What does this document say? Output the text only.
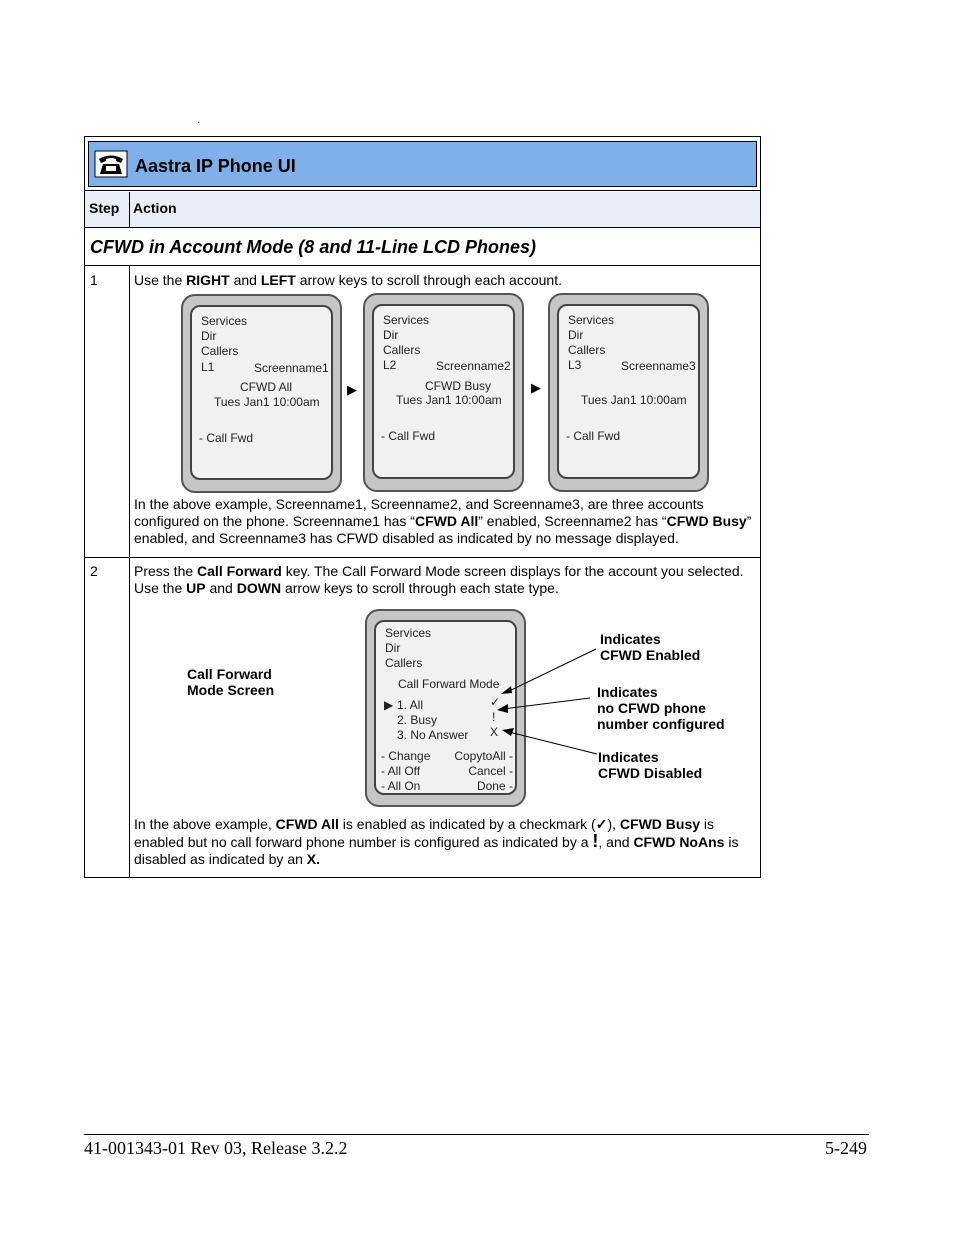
.
Aastra IP Phone UI
Step Action
CFWD in Account Mode (8 and 11-Line LCD Phones)
1	Use the RIGHT and LEFT arrow keys to scroll through each account.
Services
Dir
Callers
L1	Screenname1
CFWD All
Tues Jan1 10:00am
- Call Fwd
▶
Services
Dir
Callers
L2	Screenname2
CFWD Busy
Tues Jan1 10:00am
- Call Fwd
▶
Services
Dir
Callers
L3	Screenname3
Tues Jan1 10:00am
- Call Fwd
In the above example, Screenname1, Screenname2, and Screenname3, are three accounts
configured on the phone. Screenname1 has “CFWD All” enabled, Screenname2 has “CFWD Busy”
enabled, and Screenname3 has CFWD disabled as indicated by no message displayed.
2	Press the Call Forward key. The Call Forward Mode screen displays for the account you selected.
Use the UP and DOWN arrow keys to scroll through each state type.
Call Forward
Mode Screen
Services
Dir
Callers
Call Forward Mode
▶ 1. All
2. Busy
3. No Answer
✓
!
X
- Change
- All Off
- All On
CopytoAll -
Cancel -
Done -
Indicates
CFWD Enabled
Indicates
no CFWD phone
number configured
Indicates
CFWD Disabled
In the above example, CFWD All is enabled as indicated by a checkmark (✓), CFWD Busy is
enabled but no call forward phone number is configured as indicated by a !, and CFWD NoAns is
disabled as indicated by an X.
41-001343-01 Rev 03, Release 3.2.2	5-249
